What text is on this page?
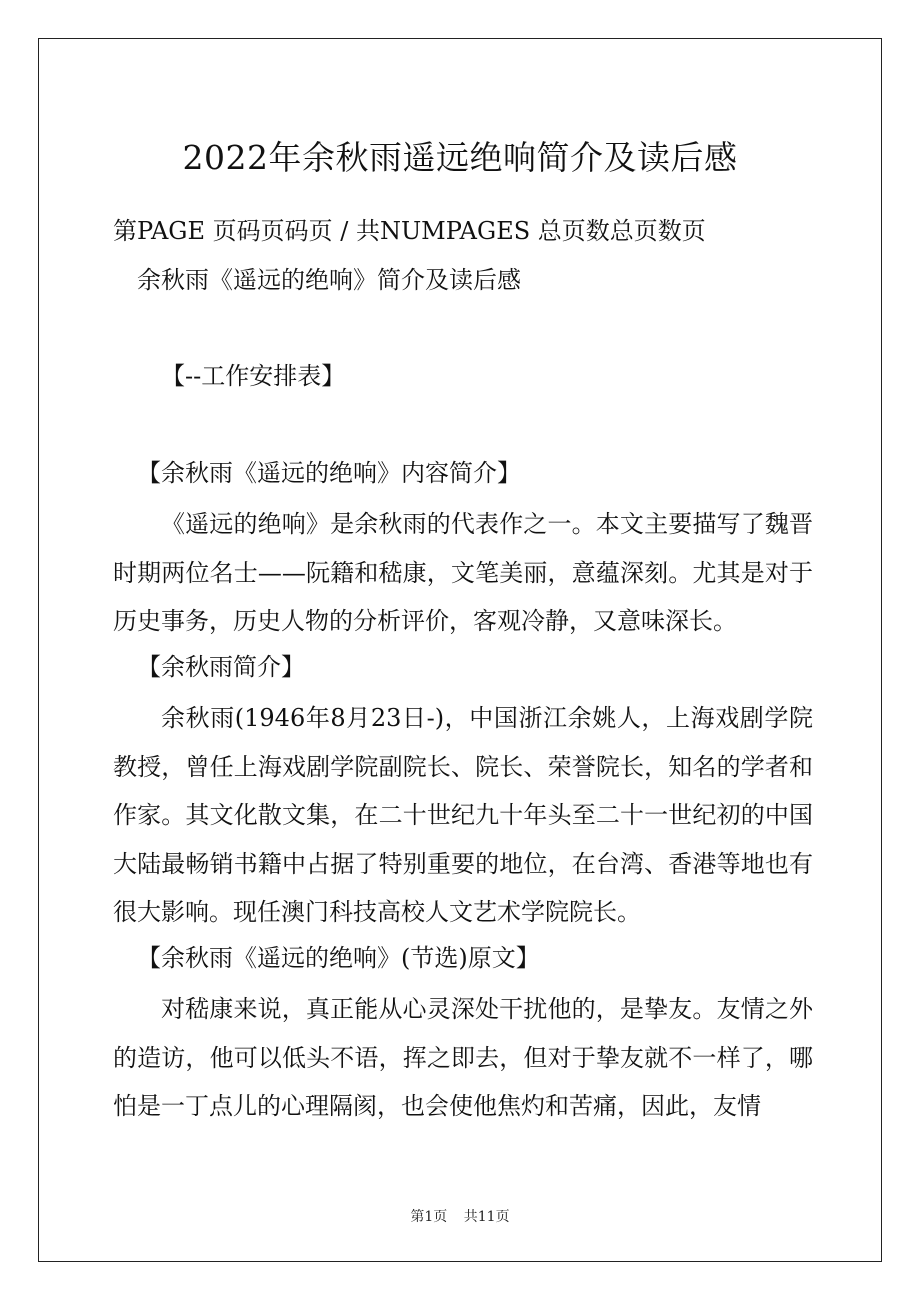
2022年余秋雨遥远绝响简介及读后感
第PAGE 页码页码页 / 共NUMPAGES 总页数总页数页
余秋雨《遥远的绝响》简介及读后感
【--工作安排表】
【余秋雨《遥远的绝响》内容简介】

《遥远的绝响》是余秋雨的代表作之一。本文主要描写了魏晋时期两位名士——阮籍和嵇康，文笔美丽，意蕴深刻。尤其是对于历史事务，历史人物的分析评价，客观冷静，又意味深长。

【余秋雨简介】

余秋雨(1946年8月23日-)，中国浙江余姚人，上海戏剧学院教授，曾任上海戏剧学院副院长、院长、荣誉院长，知名的学者和作家。其文化散文集，在二十世纪九十年头至二十一世纪初的中国大陆最畅销书籍中占据了特别重要的地位，在台湾、香港等地也有很大影响。现任澳门科技高校人文艺术学院院长。

【余秋雨《遥远的绝响》(节选)原文】

对嵇康来说，真正能从心灵深处干扰他的，是挚友。友情之外的造访，他可以低头不语，挥之即去，但对于挚友就不一样了，哪怕是一丁点儿的心理隔阂，也会使他焦灼和苦痛，因此，友情

第1页 共11页
